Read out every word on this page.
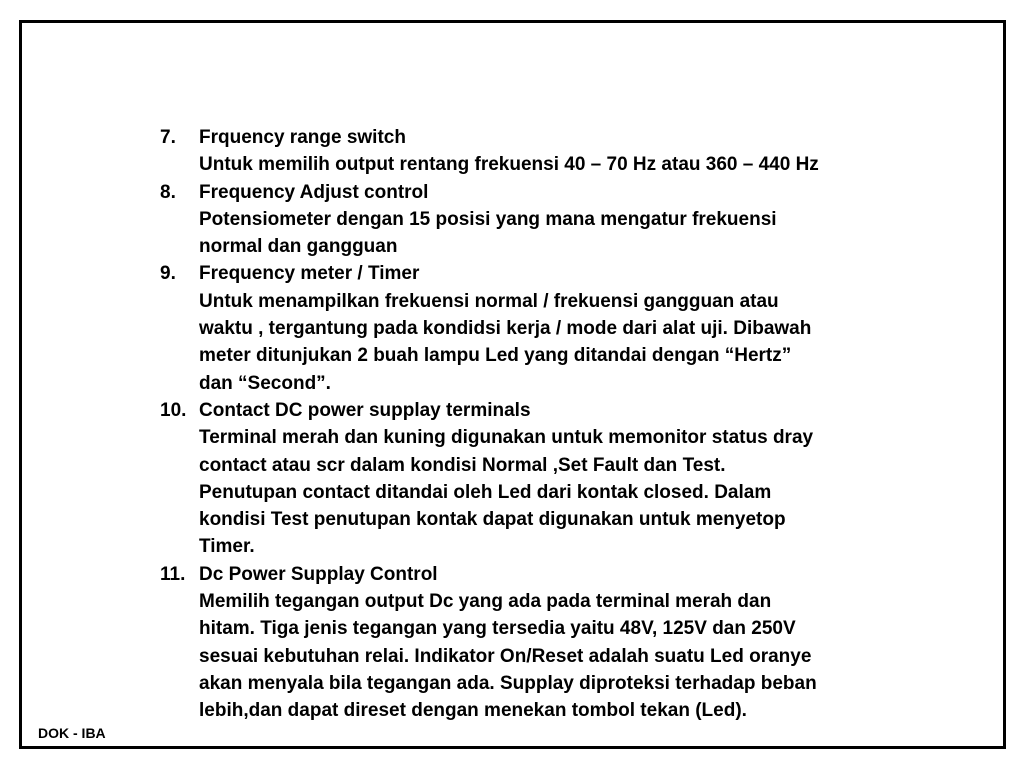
7.	Frquency range switch
Untuk memilih output rentang frekuensi 40 – 70 Hz atau 360 – 440 Hz
8.	Frequency Adjust control
Potensiometer dengan 15 posisi yang mana mengatur frekuensi
normal dan gangguan
9.	Frequency meter / Timer
Untuk menampilkan frekuensi normal / frekuensi gangguan atau
waktu , tergantung pada kondidsi kerja / mode dari alat uji. Dibawah
meter ditunjukan 2 buah lampu Led yang ditandai dengan “Hertz”
dan “Second”.
10. Contact DC power supplay terminals
Terminal merah dan kuning digunakan untuk memonitor status dray
contact atau scr dalam kondisi Normal ,Set Fault dan Test.
Penutupan contact ditandai oleh Led dari kontak closed. Dalam
kondisi Test penutupan kontak dapat digunakan untuk menyetop
Timer.
11. Dc Power Supplay Control
Memilih tegangan output Dc yang ada pada terminal merah dan
hitam. Tiga jenis tegangan yang tersedia yaitu 48V, 125V dan 250V
sesuai kebutuhan relai. Indikator On/Reset adalah suatu Led oranye
akan menyala bila tegangan ada. Supplay diproteksi terhadap beban
lebih,dan dapat direset dengan menekan tombol tekan (Led).
DOK - IBA
